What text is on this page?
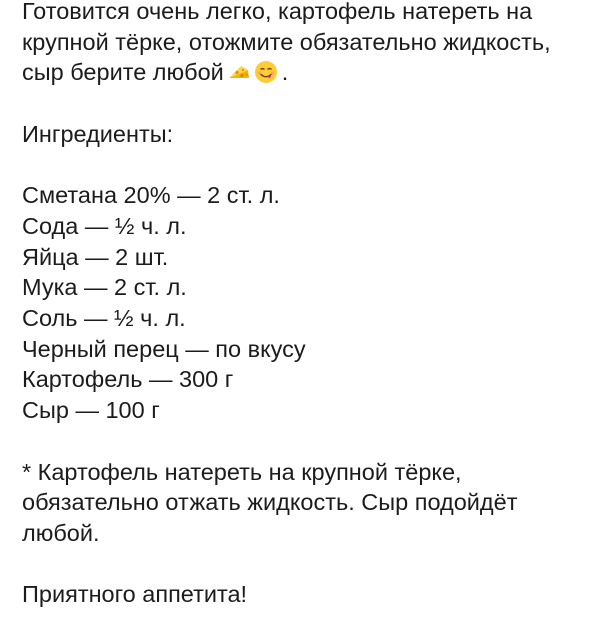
Готовится очень легко, картофель натереть на
крупной тёрке, отожмите обязательно жидкость,
сыр берите любой .

Ингредиенты:

Сметана 20% — 2 ст. л.
Сода — ½ ч. л.
Яйца — 2 шт.
Мука — 2 ст. л.
Соль — ½ ч. л.
Черный перец — по вкусу
Картофель — 300 г
Сыр — 100 г

* Картофель натереть на крупной тёрке,
обязательно отжать жидкость. Сыр подойдёт
любой.

Приятного аппетита!
